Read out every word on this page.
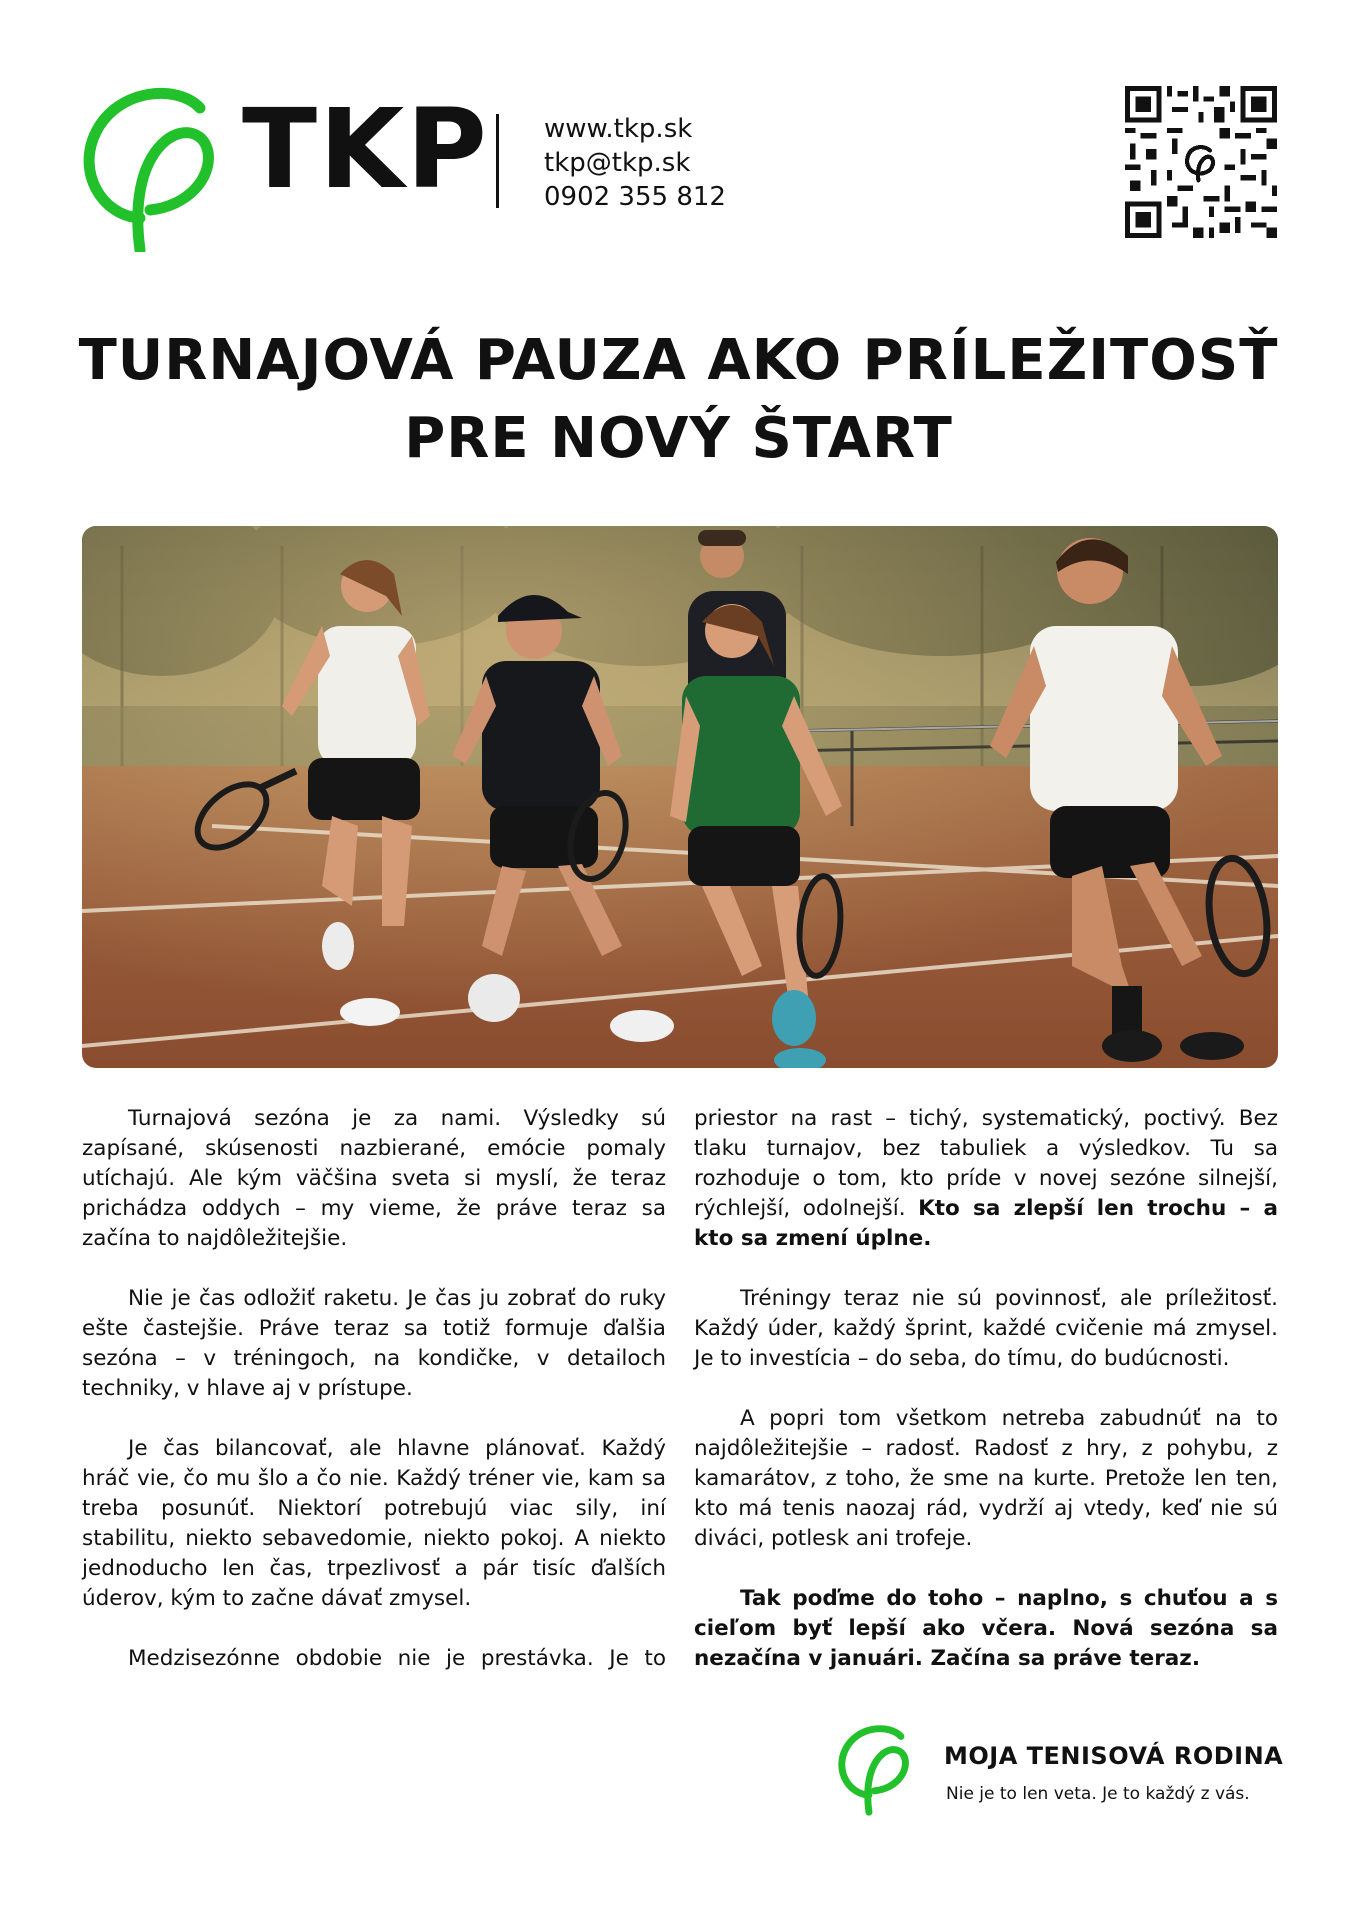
TKP www.tkp.sk
tkp@tkp.sk
0902 355 812
TURNAJOVÁ PAUZA AKO PRÍLEŽITOSŤ
PRE NOVÝ ŠTART

Turnajová sezóna je za nami. Výsledky sú zapísané, skúsenosti nazbierané, emócie pomaly utíchajú. Ale kým väčšina sveta si myslí, že teraz prichádza oddych – my vieme, že práve teraz sa začína to najdôležitejšie.

Nie je čas odložiť raketu. Je čas ju zobrať do ruky ešte častejšie. Práve teraz sa totiž formuje ďalšia sezóna – v tréningoch, na kondičke, v detailoch techniky, v hlave aj v prístupe.

Je čas bilancovať, ale hlavne plánovať. Každý hráč vie, čo mu šlo a čo nie. Každý tréner vie, kam sa treba posunúť. Niektorí potrebujú viac sily, iní stabilitu, niekto sebavedomie, niekto pokoj. A niekto jednoducho len čas, trpezlivosť a pár tisíc ďalších úderov, kým to začne dávať zmysel.

Medzisezónne obdobie nie je prestávka. Je to

priestor na rast – tichý, systematický, poctivý. Bez tlaku turnajov, bez tabuliek a výsledkov. Tu sa rozhoduje o tom, kto príde v novej sezóne silnejší, rýchlejší, odolnejší. Kto sa zlepší len trochu – a kto sa zmení úplne.

Tréningy teraz nie sú povinnosť, ale príležitosť. Každý úder, každý šprint, každé cvičenie má zmysel. Je to investícia – do seba, do tímu, do budúcnosti.

A popri tom všetkom netreba zabudnúť na to najdôležitejšie – radosť. Radosť z hry, z pohybu, z kamarátov, z toho, že sme na kurte. Pretože len ten, kto má tenis naozaj rád, vydrží aj vtedy, keď nie sú diváci, potlesk ani trofeje.

Tak poďme do toho – naplno, s chuťou a s cieľom byť lepší ako včera. Nová sezóna sa nezačína v januári. Začína sa práve teraz.

MOJA TENISOVÁ RODINA
Nie je to len veta. Je to každý z vás.
